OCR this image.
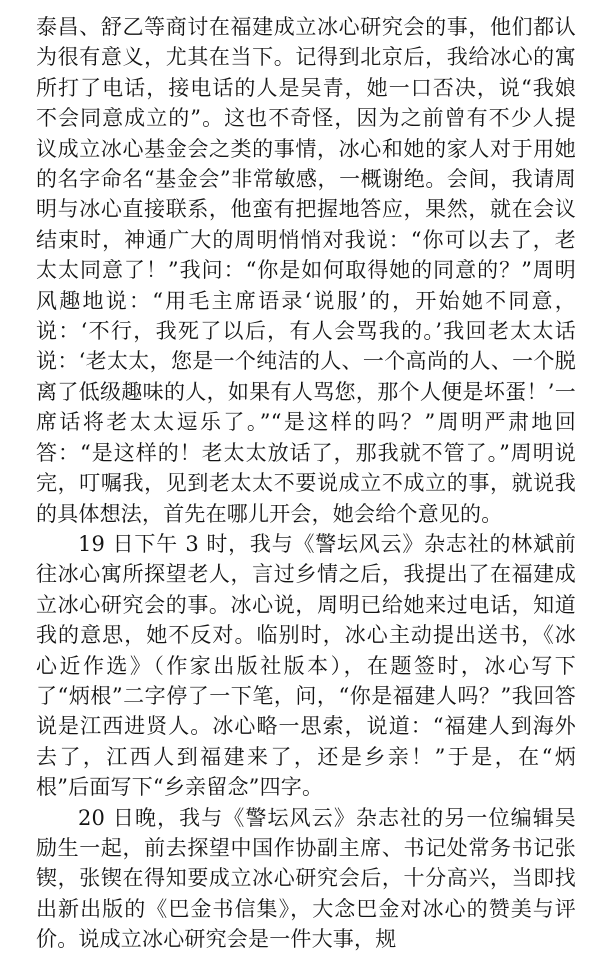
泰昌、舒乙等商讨在福建成立冰心研究会的事，他们都认为很有意义，尤其在当下。记得到北京后，我给冰心的寓所打了电话，接电话的人是吴青，她一口否决，说“我娘不会同意成立的”。这也不奇怪，因为之前曾有不少人提议成立冰心基金会之类的事情，冰心和她的家人对于用她的名字命名“基金会”非常敏感，一概谢绝。会间，我请周明与冰心直接联系，他蛮有把握地答应，果然，就在会议结束时，神通广大的周明悄悄对我说：“你可以去了，老太太同意了！”我问：“你是如何取得她的同意的？”周明风趣地说：“用毛主席语录‘说服’的，开始她不同意，说：‘不行，我死了以后，有人会骂我的。’我回老太太话说：‘老太太，您是一个纯洁的人、一个高尚的人、一个脱离了低级趣味的人，如果有人骂您，那个人便是坏蛋！’一席话将老太太逗乐了。”“是这样的吗？”周明严肃地回答：“是这样的！老太太放话了，那我就不管了。”周明说完，叮嘱我，见到老太太不要说成立不成立的事，就说我的具体想法，首先在哪儿开会，她会给个意见的。

19 日下午 3 时，我与《警坛风云》杂志社的林斌前往冰心寓所探望老人，言过乡情之后，我提出了在福建成立冰心研究会的事。冰心说，周明已给她来过电话，知道我的意思，她不反对。临别时，冰心主动提出送书，《冰心近作选》（作家出版社版本），在题签时，冰心写下了“炳根”二字停了一下笔，问，“你是福建人吗？”我回答说是江西进贤人。冰心略一思索，说道：“福建人到海外去了，江西人到福建来了，还是乡亲！”于是，在“炳根”后面写下“乡亲留念”四字。

20 日晚，我与《警坛风云》杂志社的另一位编辑吴励生一起，前去探望中国作协副主席、书记处常务书记张锲，张锲在得知要成立冰心研究会后，十分高兴，当即找出新出版的《巴金书信集》，大念巴金对冰心的赞美与评价。说成立冰心研究会是一件大事，规
